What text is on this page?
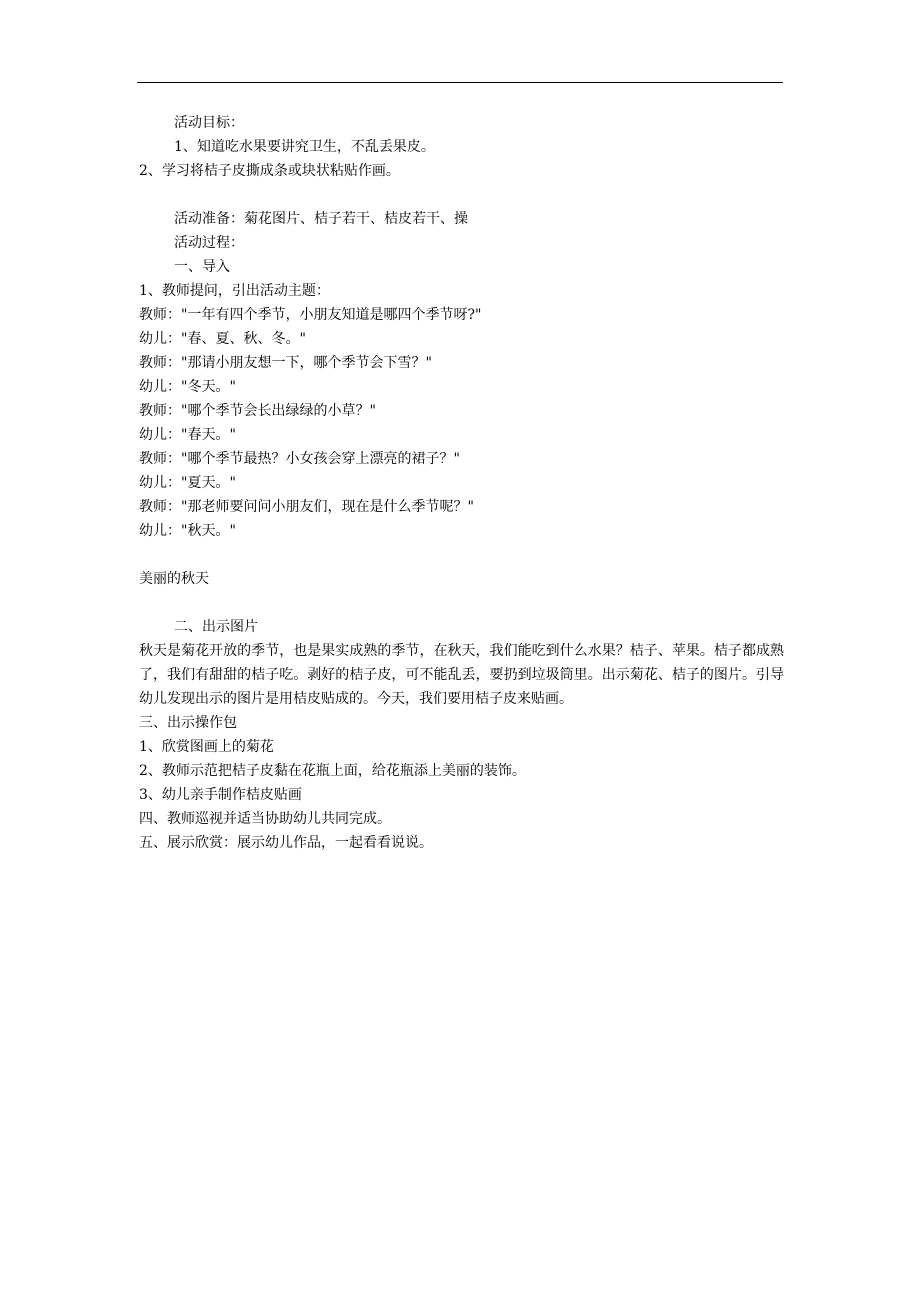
活动目标：

1、知道吃水果要讲究卫生，不乱丢果皮。

2、学习将桔子皮撕成条或块状粘贴作画。

活动准备：菊花图片、桔子若干、桔皮若干、操

活动过程：

一、导入

1、教师提问，引出活动主题：

教师："一年有四个季节，小朋友知道是哪四个季节呀?"

幼儿："春、夏、秋、冬。"

教师："那请小朋友想一下，哪个季节会下雪？"

幼儿："冬天。"

教师："哪个季节会长出绿绿的小草？"

幼儿："春天。"

教师："哪个季节最热？小女孩会穿上漂亮的裙子？"

幼儿："夏天。"

教师："那老师要问问小朋友们，现在是什么季节呢？"

幼儿："秋天。"

美丽的秋天

二、出示图片

秋天是菊花开放的季节，也是果实成熟的季节，在秋天，我们能吃到什么水果？桔子、苹果。桔子都成熟了，我们有甜甜的桔子吃。剥好的桔子皮，可不能乱丢，要扔到垃圾筒里。出示菊花、桔子的图片。引导幼儿发现出示的图片是用桔皮贴成的。今天，我们要用桔子皮来贴画。

三、出示操作包

1、欣赏图画上的菊花

2、教师示范把桔子皮黏在花瓶上面，给花瓶添上美丽的装饰。

3、幼儿亲手制作桔皮贴画

四、教师巡视并适当协助幼儿共同完成。

五、展示欣赏：展示幼儿作品，一起看看说说。
